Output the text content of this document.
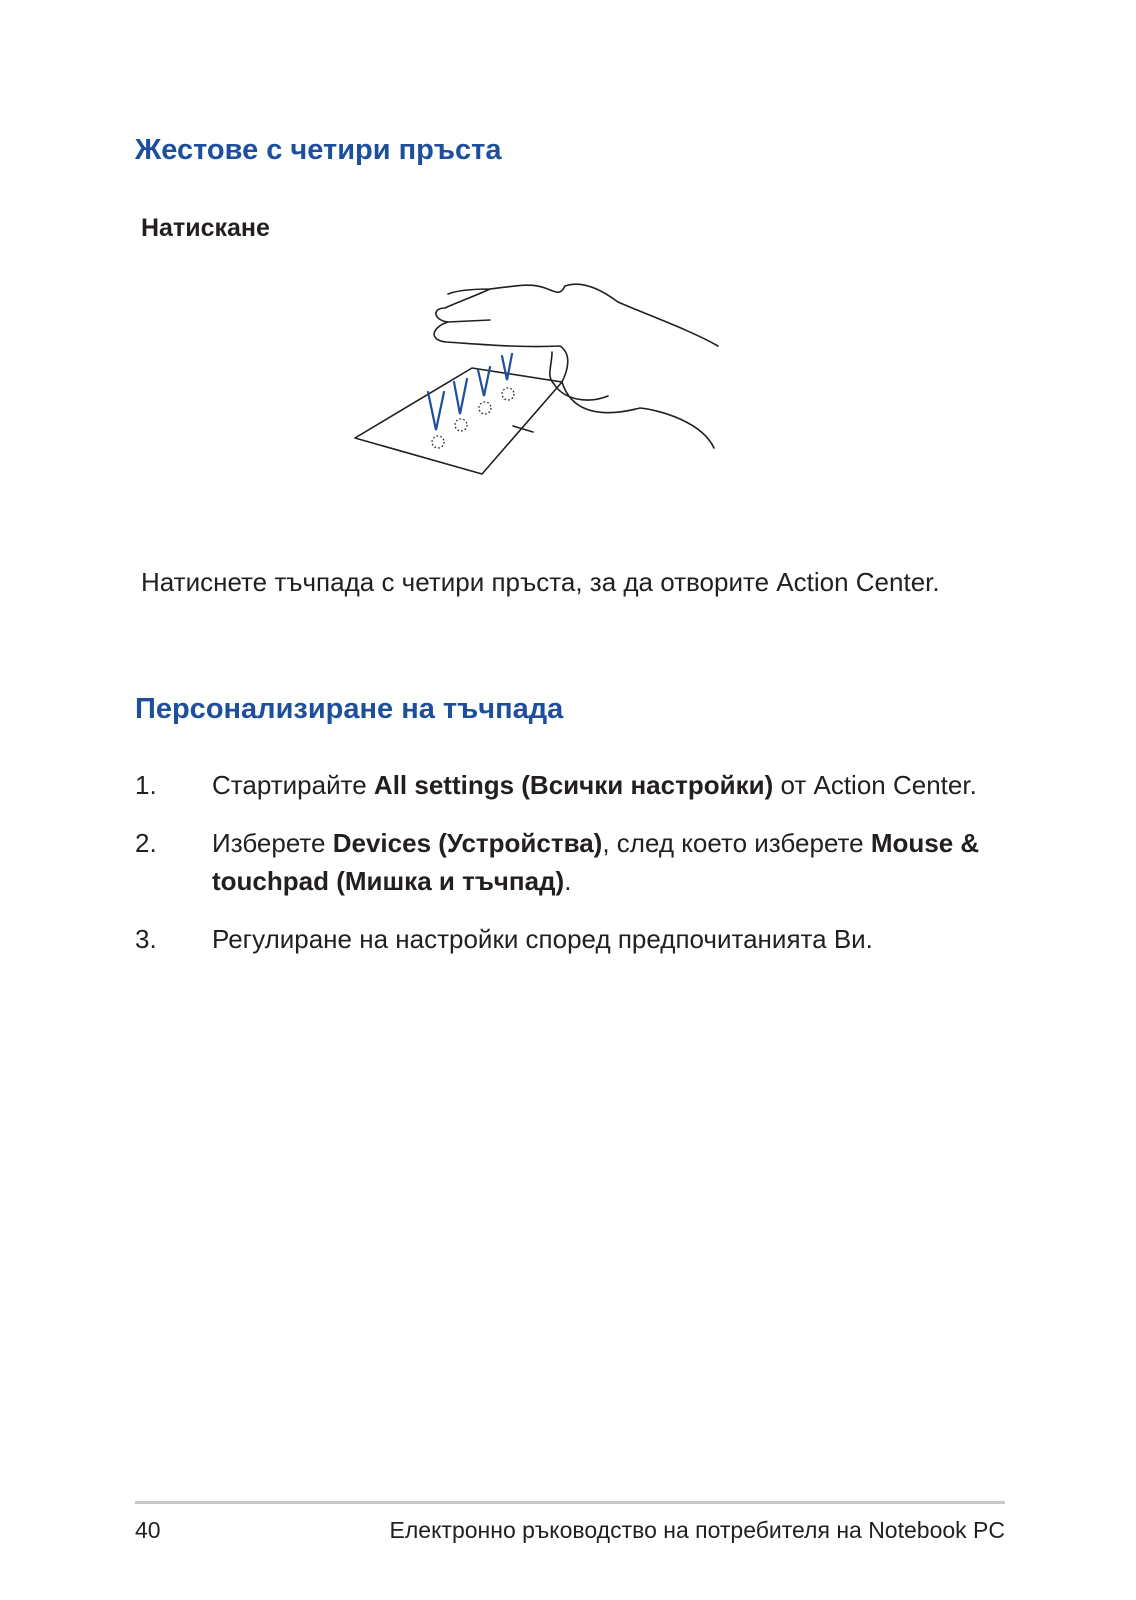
Жестове с четири пръста
Натискане

Натиснете тъчпада с четири пръста, за да отворите Action Center.

Персонализиране на тъчпада
1. Стартирайте All settings (Всички настройки) от Action Center.
2. Изберете Devices (Устройства), след което изберете Mouse & touchpad (Мишка и тъчпад).
3. Регулиране на настройки според предпочитанията Ви.
40	Електронно ръководство на потребителя на Notebook PC
